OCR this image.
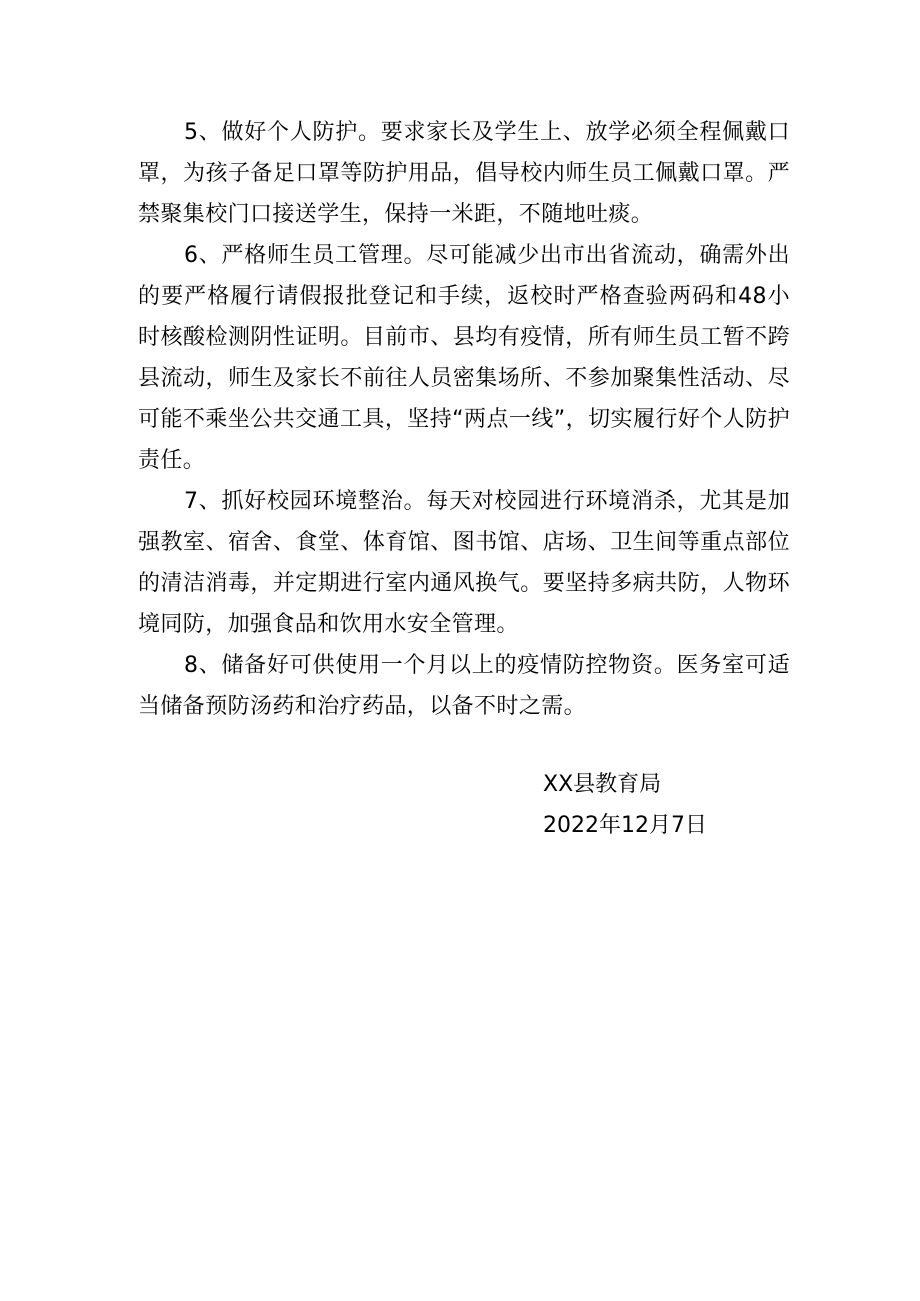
5、做好个人防护。要求家长及学生上、放学必须全程佩戴口罩，为孩子备足口罩等防护用品，倡导校内师生员工佩戴口罩。严禁聚集校门口接送学生，保持一米距，不随地吐痰。

6、严格师生员工管理。尽可能减少出市出省流动，确需外出的要严格履行请假报批登记和手续，返校时严格查验两码和48小时核酸检测阴性证明。目前市、县均有疫情，所有师生员工暂不跨县流动，师生及家长不前往人员密集场所、不参加聚集性活动、尽可能不乘坐公共交通工具，坚持“两点一线”，切实履行好个人防护责任。

7、抓好校园环境整治。每天对校园进行环境消杀，尤其是加强教室、宿舍、食堂、体育馆、图书馆、店场、卫生间等重点部位的清洁消毒，并定期进行室内通风换气。要坚持多病共防，人物环境同防，加强食品和饮用水安全管理。

8、储备好可供使用一个月以上的疫情防控物资。医务室可适当储备预防汤药和治疗药品，以备不时之需。

XX县教育局
2022年12月7日
